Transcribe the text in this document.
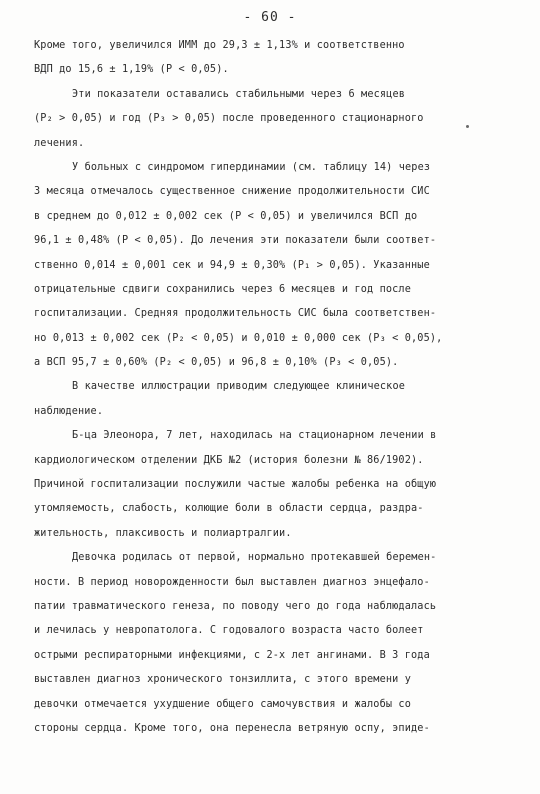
- 60 -
Кроме того, увеличился ИММ до 29,3 ± 1,13% и соответственно
ВДП до 15,6 ± 1,19% (P < 0,05).
Эти показатели оставались стабильными через 6 месяцев
(P₂ > 0,05) и год (P₃ > 0,05) после проведенного стационарного
лечения.
У больных с синдромом гипердинамии (см. таблицу 14) через
3 месяца отмечалось существенное снижение продолжительности СИС
в среднем до 0,012 ± 0,002 сек (P < 0,05) и увеличился ВСП до
96,1 ± 0,48% (P < 0,05). До лечения эти показатели были соответ-
ственно 0,014 ± 0,001 сек и 94,9 ± 0,30% (P₁ > 0,05). Указанные
отрицательные сдвиги сохранились через 6 месяцев и год после
госпитализации. Средняя продолжительность СИС была соответствен-
но 0,013 ± 0,002 сек (P₂ < 0,05) и 0,010 ± 0,000 сек (P₃ < 0,05),
а ВСП 95,7 ± 0,60% (P₂ < 0,05) и 96,8 ± 0,10% (P₃ < 0,05).
В качестве иллюстрации приводим следующее клиническое
наблюдение.
Б-ца Элеонора, 7 лет, находилась на стационарном лечении в
кардиологическом отделении ДКБ №2 (история болезни № 86/1902).
Причиной госпитализации послужили частые жалобы ребенка на общую
утомляемость, слабость, колющие боли в области сердца, раздра-
жительность, плаксивость и полиартралгии.
Девочка родилась от первой, нормально протекавшей беремен-
ности. В период новорожденности был выставлен диагноз энцефало-
патии травматического генеза, по поводу чего до года наблюдалась
и лечилась у невропатолога. С годовалого возраста часто болеет
острыми респираторными инфекциями, с 2-х лет ангинами. В 3 года
выставлен диагноз хронического тонзиллита, с этого времени у
девочки отмечается ухудшение общего самочувствия и жалобы со
стороны сердца. Кроме того, она перенесла ветряную оспу, эпиде-
